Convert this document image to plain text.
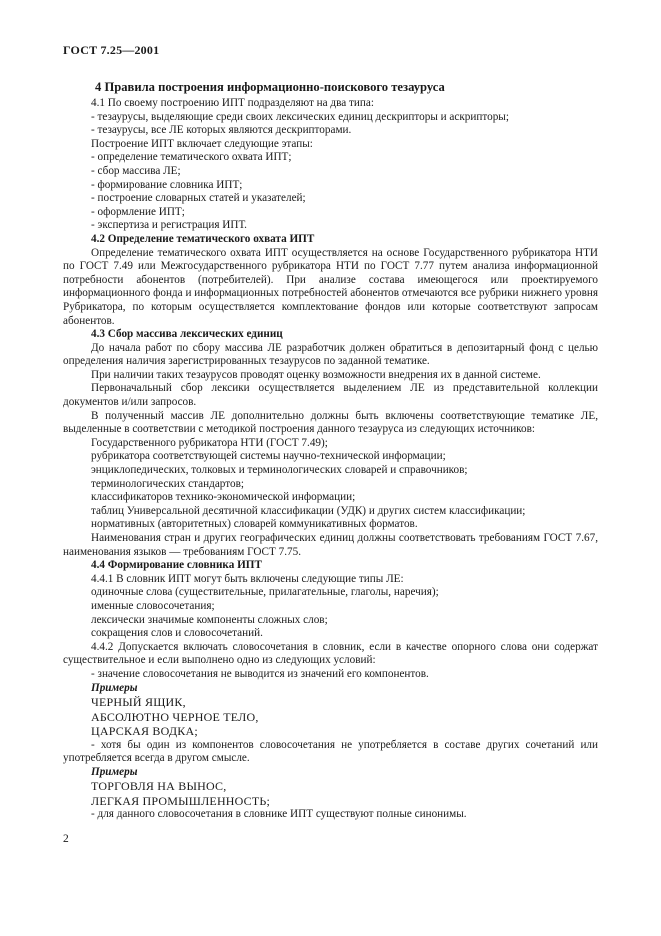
ГОСТ 7.25—2001
4 Правила построения информационно-поискового тезауруса
4.1 По своему построению ИПТ подразделяют на два типа:
- тезаурусы, выделяющие среди своих лексических единиц дескрипторы и аскрипторы;
- тезаурусы, все ЛЕ которых являются дескрипторами.
Построение ИПТ включает следующие этапы:
- определение тематического охвата ИПТ;
- сбор массива ЛЕ;
- формирование словника ИПТ;
- построение словарных статей и указателей;
- оформление ИПТ;
- экспертиза и регистрация ИПТ.
4.2 Определение тематического охвата ИПТ
Определение тематического охвата ИПТ осуществляется на основе Государственного рубрикатора НТИ по ГОСТ 7.49 или Межгосударственного рубрикатора НТИ по ГОСТ 7.77 путем анализа информационной потребности абонентов (потребителей). При анализе состава имеющегося или проектируемого информационного фонда и информационных потребностей абонентов отмечаются все рубрики нижнего уровня Рубрикатора, по которым осуществляется комплектование фондов или которые соответствуют запросам абонентов.
4.3 Сбор массива лексических единиц
До начала работ по сбору массива ЛЕ разработчик должен обратиться в депозитарный фонд с целью определения наличия зарегистрированных тезаурусов по заданной тематике.
При наличии таких тезаурусов проводят оценку возможности внедрения их в данной системе.
Первоначальный сбор лексики осуществляется выделением ЛЕ из представительной коллекции документов и/или запросов.
В полученный массив ЛЕ дополнительно должны быть включены соответствующие тематике ЛЕ, выделенные в соответствии с методикой построения данного тезауруса из следующих источников:
Государственного рубрикатора НТИ (ГОСТ 7.49);
рубрикатора соответствующей системы научно-технической информации;
энциклопедических, толковых и терминологических словарей и справочников;
терминологических стандартов;
классификаторов технико-экономической информации;
таблиц Универсальной десятичной классификации (УДК) и других систем классификации;
нормативных (авторитетных) словарей коммуникативных форматов.
Наименования стран и других географических единиц должны соответствовать требованиям ГОСТ 7.67, наименования языков — требованиям ГОСТ 7.75.
4.4 Формирование словника ИПТ
4.4.1 В словник ИПТ могут быть включены следующие типы ЛЕ:
одиночные слова (существительные, прилагательные, глаголы, наречия);
именные словосочетания;
лексически значимые компоненты сложных слов;
сокращения слов и словосочетаний.
4.4.2 Допускается включать словосочетания в словник, если в качестве опорного слова они содержат существительное и если выполнено одно из следующих условий:
- значение словосочетания не выводится из значений его компонентов.
Примеры
ЧЕРНЫЙ ЯЩИК,
АБСОЛЮТНО ЧЕРНОЕ ТЕЛО,
ЦАРСКАЯ ВОДКА;
- хотя бы один из компонентов словосочетания не употребляется в составе других сочетаний или употребляется всегда в другом смысле.
Примеры
ТОРГОВЛЯ НА ВЫНОС,
ЛЕГКАЯ ПРОМЫШЛЕННОСТЬ;
- для данного словосочетания в словнике ИПТ существуют полные синонимы.
2
